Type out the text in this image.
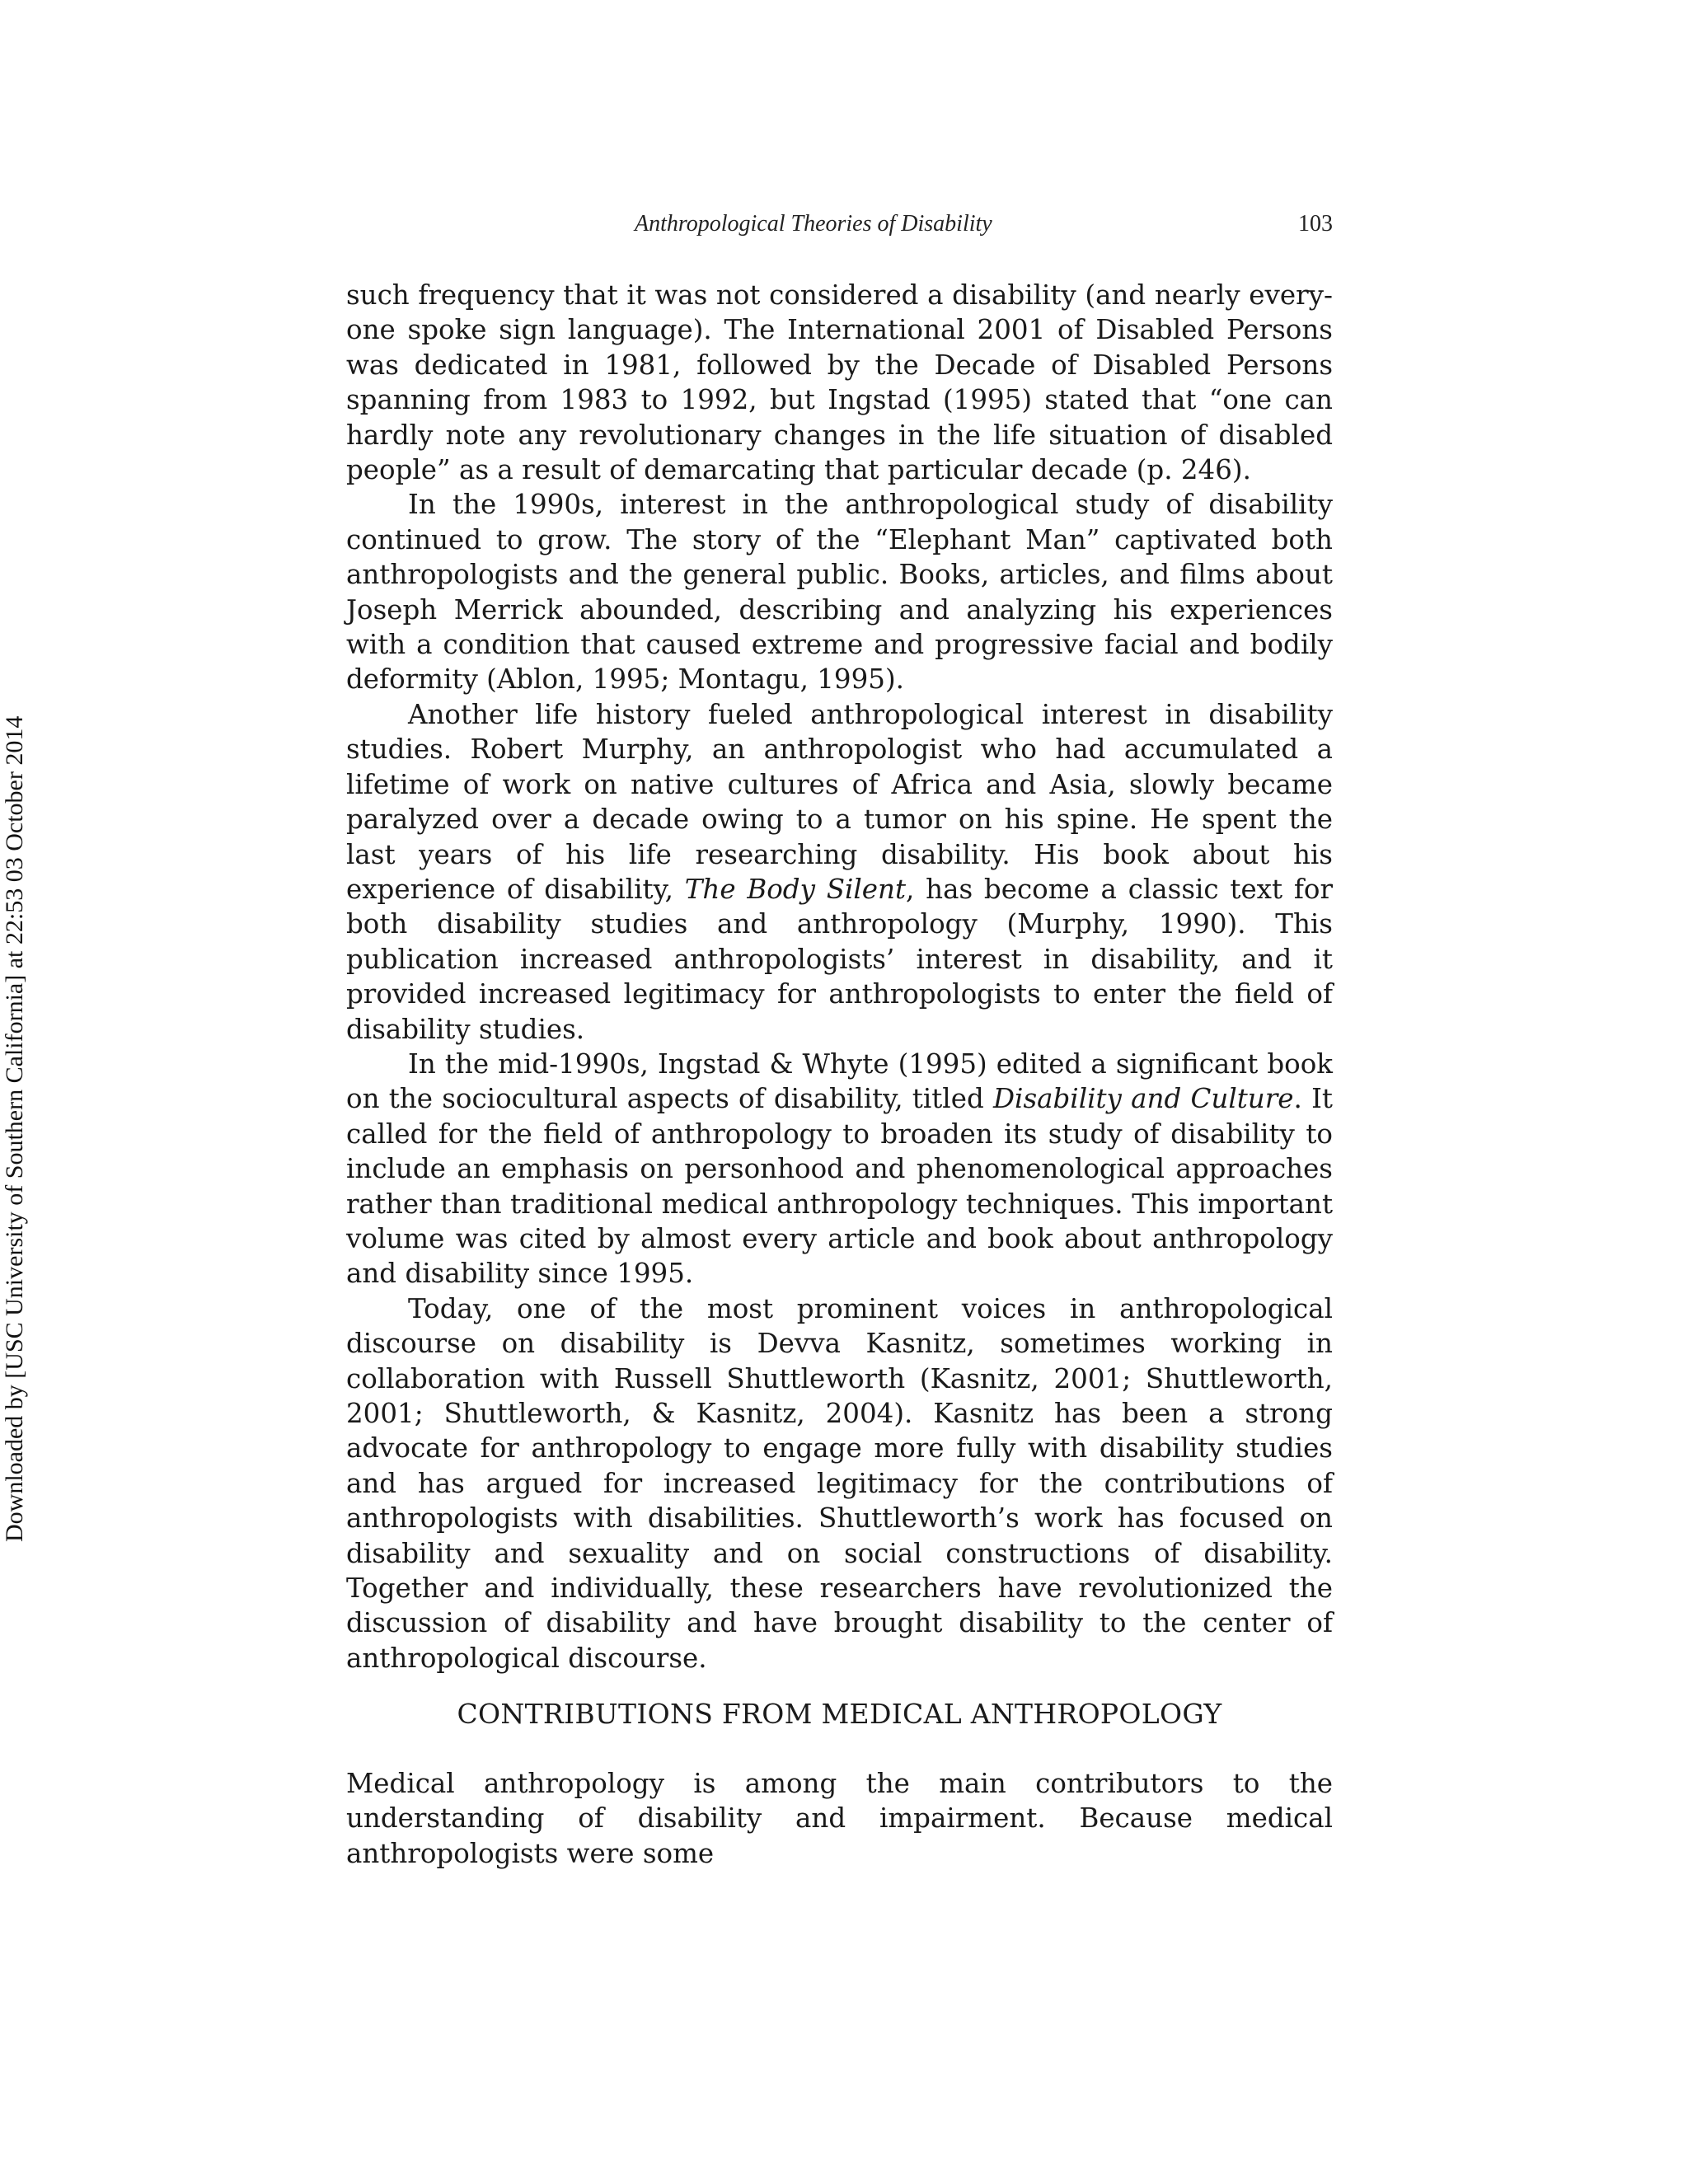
Anthropological Theories of Disability	103
Downloaded by [USC University of Southern California] at 22:53 03 October 2014

such frequency that it was not considered a disability (and nearly everyone spoke sign language). The International 2001 of Disabled Persons was dedicated in 1981, followed by the Decade of Disabled Persons spanning from 1983 to 1992, but Ingstad (1995) stated that “one can hardly note any revolutionary changes in the life situation of disabled people” as a result of demarcating that particular decade (p. 246).

In the 1990s, interest in the anthropological study of disability continued to grow. The story of the “Elephant Man” captivated both anthropologists and the general public. Books, articles, and films about Joseph Merrick abounded, describing and analyzing his experiences with a condition that caused extreme and progressive facial and bodily deformity (Ablon, 1995; Montagu, 1995).

Another life history fueled anthropological interest in disability studies. Robert Murphy, an anthropologist who had accumulated a lifetime of work on native cultures of Africa and Asia, slowly became paralyzed over a decade owing to a tumor on his spine. He spent the last years of his life researching disability. His book about his experience of disability, The Body Silent, has become a classic text for both disability studies and anthropology (Murphy, 1990). This publication increased anthropologists’ interest in disability, and it provided increased legitimacy for anthropologists to enter the field of disability studies.

In the mid-1990s, Ingstad & Whyte (1995) edited a significant book on the sociocultural aspects of disability, titled Disability and Culture. It called for the field of anthropology to broaden its study of disability to include an emphasis on personhood and phenomenological approaches rather than traditional medical anthropology techniques. This important volume was cited by almost every article and book about anthropology and disability since 1995.

Today, one of the most prominent voices in anthropological discourse on disability is Devva Kasnitz, sometimes working in collaboration with Russell Shuttleworth (Kasnitz, 2001; Shuttleworth, 2001; Shuttleworth, & Kasnitz, 2004). Kasnitz has been a strong advocate for anthropology to engage more fully with disability studies and has argued for increased legitimacy for the contributions of anthropologists with disabilities. Shuttleworth’s work has focused on disability and sexuality and on social constructions of disability. Together and individually, these researchers have revolutionized the discussion of disability and have brought disability to the center of anthropological discourse.

CONTRIBUTIONS FROM MEDICAL ANTHROPOLOGY

Medical anthropology is among the main contributors to the understanding of disability and impairment. Because medical anthropologists were some
